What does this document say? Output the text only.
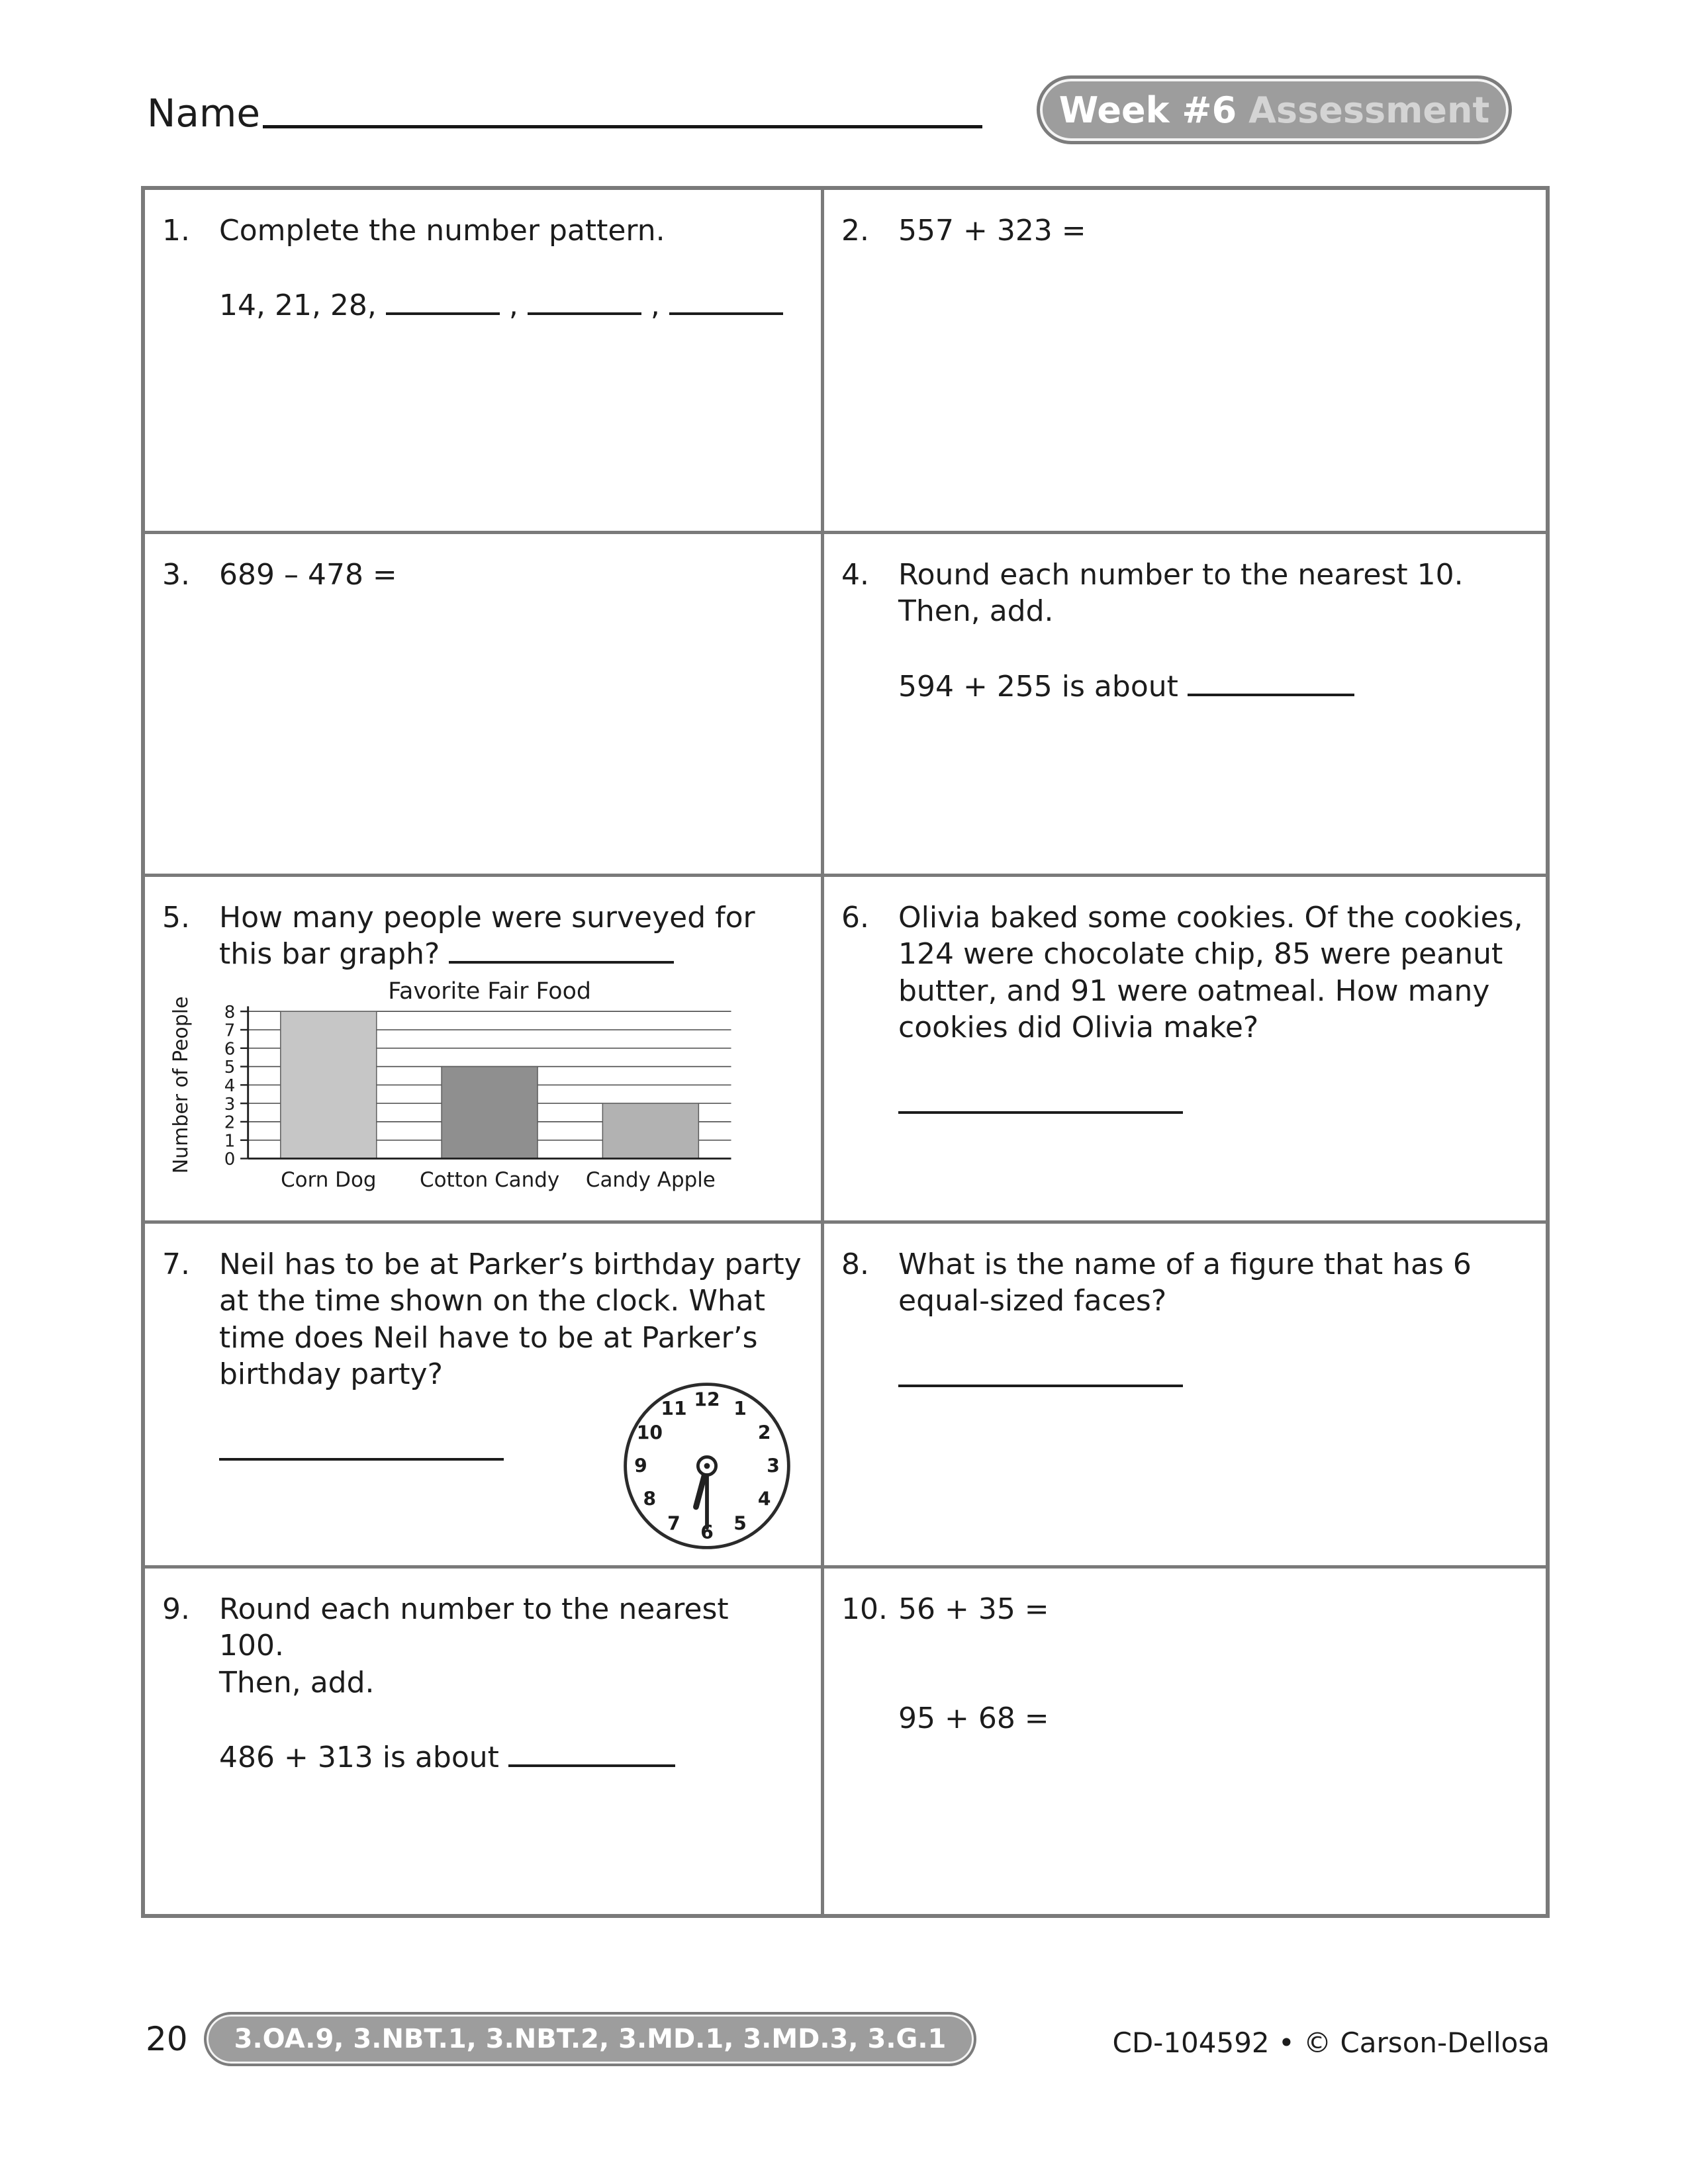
Name	Week #6 Assessment
1.	Complete the number pattern.
14, 21, 28,	,	,
2.	557 + 323 =
3.	689 – 478 =	4.	Round each number to the nearest 10.
Then, add.
594 + 255 is about
5.	How many people were surveyed for this bar graph?
Favorite Fair Food
Number of People 0
1
2
3
4
5
6
7
8
Corn Dog Cotton Candy Candy Apple
6.	Olivia baked some cookies. Of the cookies, 124 were chocolate chip, 85 were peanut butter, and 91 were oatmeal. How many cookies did Olivia make?
7.	Neil has to be at Parker’s birthday party at the time shown on the clock. What time does Neil have to be at Parker’s birthday party?
12 1
2
3
4
5
6
7
8
9
10
11
8.	What is the name of a figure that has 6 equal-sized faces?
9.	Round each number to the nearest 100.
Then, add.
486 + 313 is about
10. 56 + 35 =
95 + 68 =
20	3.OA.9, 3.NBT.1, 3.NBT.2, 3.MD.1, 3.MD.3, 3.G.1	CD-104592 • © Carson-Dellosa
